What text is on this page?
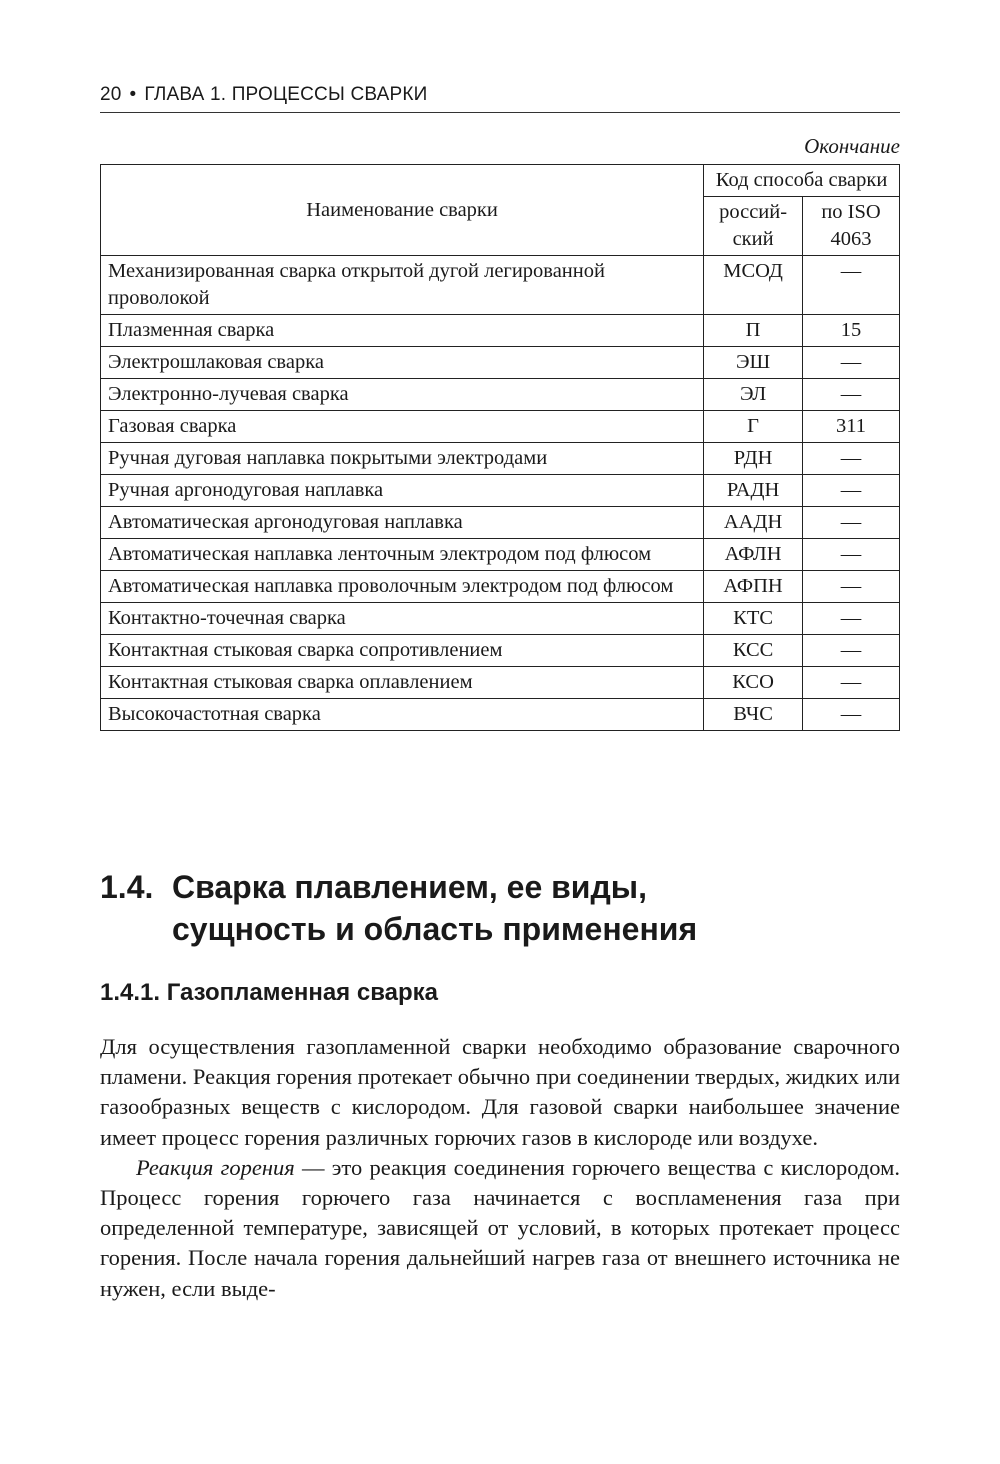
20 • ГЛАВА 1. ПРОЦЕССЫ СВАРКИ
Окончание
Наименование сварки	Код способа сварки	
	россий-ский	по ISO 4063
Механизированная сварка открытой дугой легированной проволокой	МСОД	—
Плазменная сварка	П	15
Электрошлаковая сварка	ЭШ	—
Электронно-лучевая сварка	ЭЛ	—
Газовая сварка	Г	311
Ручная дуговая наплавка покрытыми электродами	РДН	—
Ручная аргонодуговая наплавка	РАДН	—
Автоматическая аргонодуговая наплавка	ААДН	—
Автоматическая наплавка ленточным электродом под флюсом	АФЛН	—
Автоматическая наплавка проволочным электродом под флюсом	АФПН	—
Контактно-точечная сварка	КТС	—
Контактная стыковая сварка сопротивлением	КСС	—
Контактная стыковая сварка оплавлением	КСО	—
Высокочастотная сварка	ВЧС	—
1.4. Сварка плавлением, ее виды, сущность и область применения
1.4.1. Газопламенная сварка

Для осуществления газопламенной сварки необходимо образование сварочного пламени. Реакция горения протекает обычно при соединении твердых, жидких или газообразных веществ с кислородом. Для газовой сварки наибольшее значение имеет процесс горения различных горючих газов в кислороде или воздухе.

Реакция горения — это реакция соединения горючего вещества с кислородом. Процесс горения горючего газа начинается с воспламенения газа при определенной температуре, зависящей от условий, в которых протекает процесс горения. После начала горения дальнейший нагрев газа от внешнего источника не нужен, если выде-
